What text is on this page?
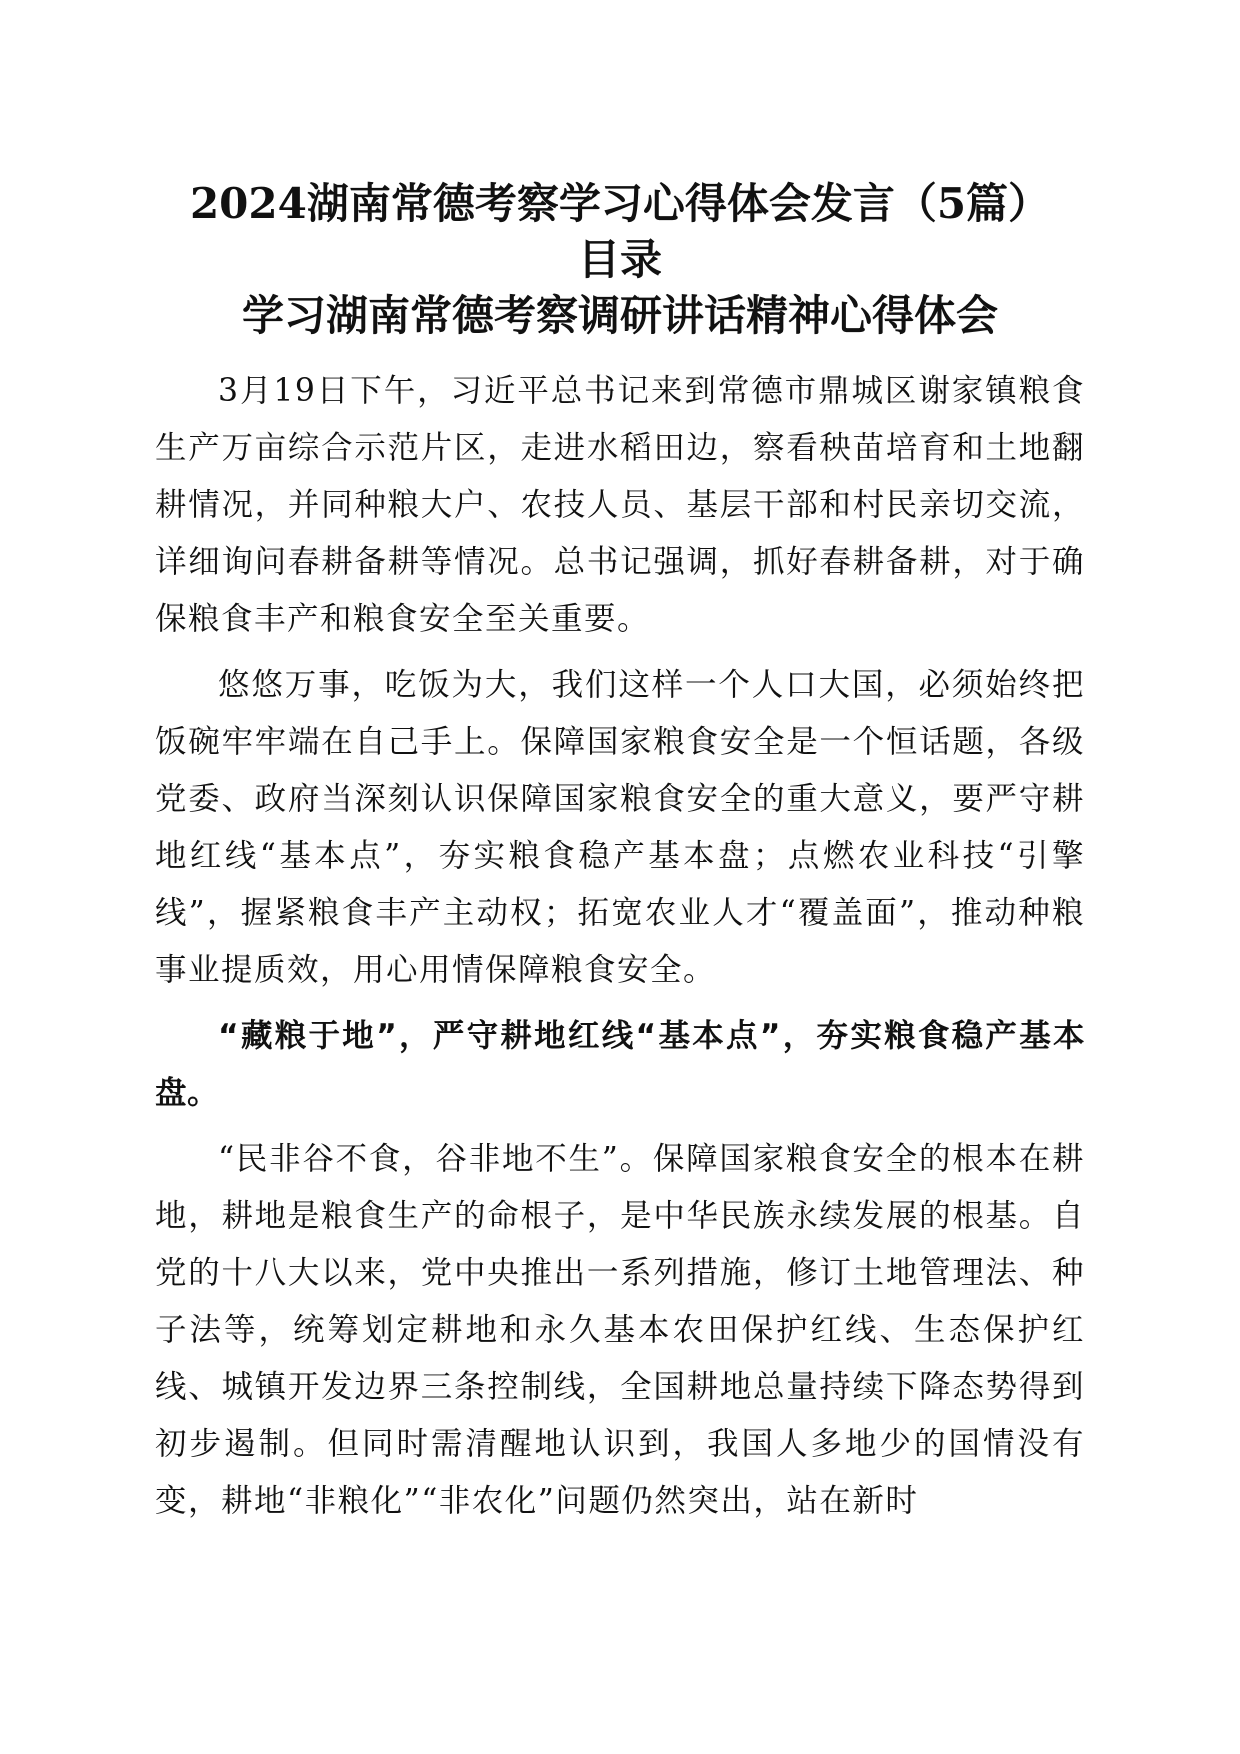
2024湖南常德考察学习心得体会发言（5篇）
目录
学习湖南常德考察调研讲话精神心得体会

3月19日下午，习近平总书记来到常德市鼎城区谢家镇粮食生产万亩综合示范片区，走进水稻田边，察看秧苗培育和土地翻耕情况，并同种粮大户、农技人员、基层干部和村民亲切交流，详细询问春耕备耕等情况。总书记强调，抓好春耕备耕，对于确保粮食丰产和粮食安全至关重要。

悠悠万事，吃饭为大，我们这样一个人口大国，必须始终把饭碗牢牢端在自己手上。保障国家粮食安全是一个恒话题，各级党委、政府当深刻认识保障国家粮食安全的重大意义，要严守耕地红线“基本点”，夯实粮食稳产基本盘；点燃农业科技“引擎线”，握紧粮食丰产主动权；拓宽农业人才“覆盖面”，推动种粮事业提质效，用心用情保障粮食安全。

“藏粮于地”，严守耕地红线“基本点”，夯实粮食稳产基本盘。

“民非谷不食，谷非地不生”。保障国家粮食安全的根本在耕地，耕地是粮食生产的命根子，是中华民族永续发展的根基。自党的十八大以来，党中央推出一系列措施，修订土地管理法、种子法等，统筹划定耕地和永久基本农田保护红线、生态保护红线、城镇开发边界三条控制线，全国耕地总量持续下降态势得到初步遏制。但同时需清醒地认识到，我国人多地少的国情没有变，耕地“非粮化”“非农化”问题仍然突出，站在新时
